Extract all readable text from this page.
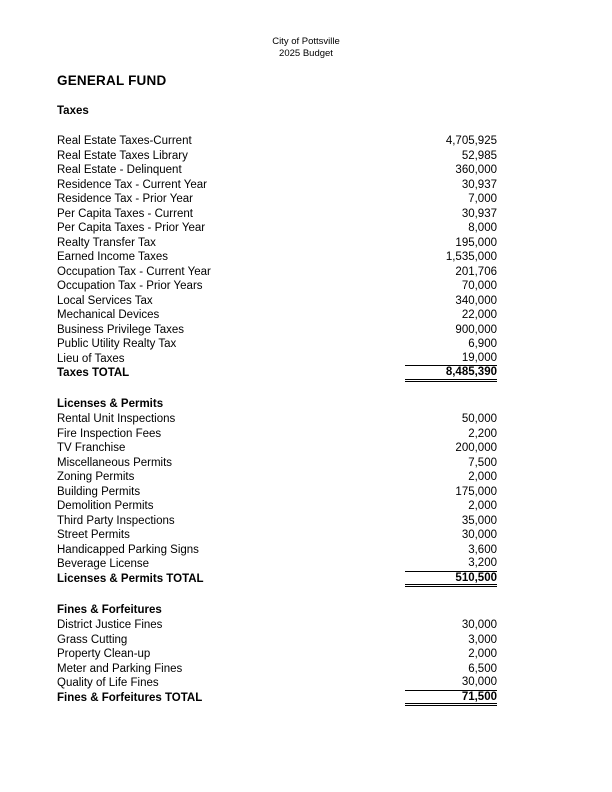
City of Pottsville
2025 Budget
GENERAL FUND
Taxes
Real Estate Taxes-Current	4,705,925
Real Estate Taxes Library	52,985
Real Estate - Delinquent	360,000
Residence Tax - Current Year	30,937
Residence Tax - Prior Year	7,000
Per Capita Taxes - Current	30,937
Per Capita Taxes - Prior Year	8,000
Realty Transfer Tax	195,000
Earned Income Taxes	1,535,000
Occupation Tax - Current Year	201,706
Occupation Tax - Prior Years	70,000
Local Services Tax	340,000
Mechanical Devices	22,000
Business Privilege Taxes	900,000
Public Utility Realty Tax	6,900
Lieu of Taxes	19,000
Taxes TOTAL	8,485,390
Licenses & Permits
Rental Unit Inspections	50,000
Fire Inspection Fees	2,200
TV Franchise	200,000
Miscellaneous Permits	7,500
Zoning Permits	2,000
Building Permits	175,000
Demolition Permits	2,000
Third Party Inspections	35,000
Street Permits	30,000
Handicapped Parking Signs	3,600
Beverage License	3,200
Licenses & Permits TOTAL	510,500
Fines & Forfeitures
District Justice Fines	30,000
Grass Cutting	3,000
Property Clean-up	2,000
Meter and Parking Fines	6,500
Quality of Life Fines	30,000
Fines & Forfeitures TOTAL	71,500
